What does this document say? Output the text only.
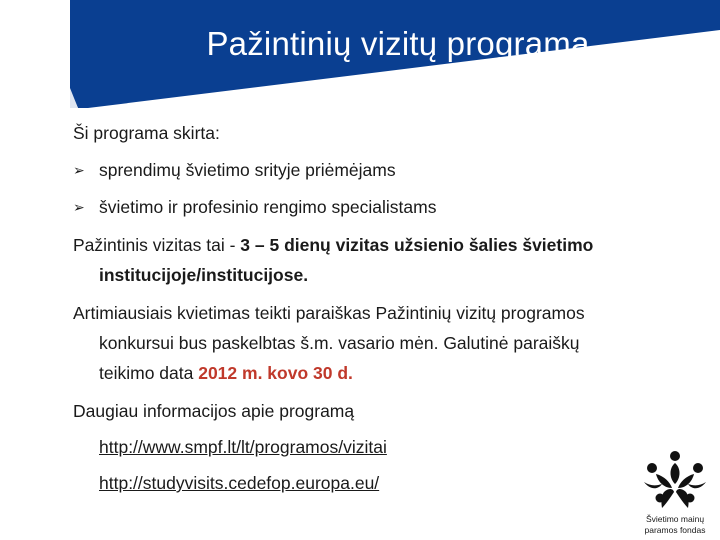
Pažintinių vizitų programa

Ši programa skirta:

➢ sprendimų švietimo srityje priėmėjams
➢ švietimo ir profesinio rengimo specialistams

Pažintinis vizitas tai - 3 – 5 dienų vizitas užsienio šalies švietimo

institucijoje/institucijose.

Artimiausiais kvietimas teikti paraiškas Pažintinių vizitų programos

konkursui bus paskelbtas š.m. vasario mėn. Galutinė paraiškų

teikimo data 2012 m. kovo 30 d.

Daugiau informacijos apie programą

http://www.smpf.lt/lt/programos/vizitai

http://studyvisits.cedefop.europa.eu/

Švietimo mainų
paramos fondas
